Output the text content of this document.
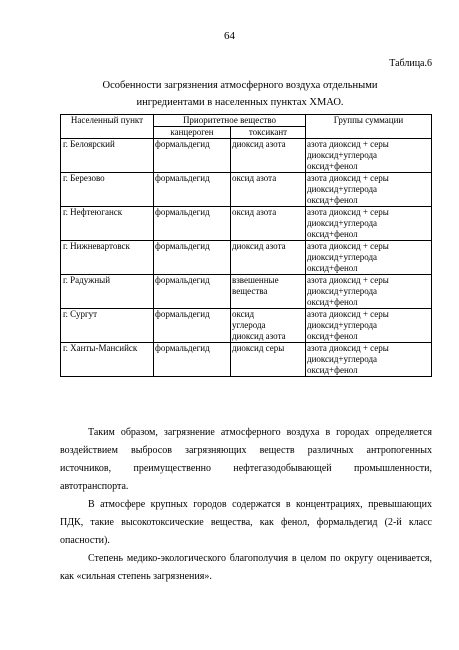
64
Таблица.6
Особенности загрязнения атмосферного воздуха отдельными ингредиентами в населенных пунктах ХМАО.
Населенный пункт	Приоритетное вещество		Группы суммации
	канцероген	токсикант	
г. Белоярский	формальдегид	диоксид азота	азота диоксид + серы
диоксид+углерода
оксид+фенол

г. Березово	формальдегид	оксид азота	азота диоксид + серы
диоксид+углерода
оксид+фенол

г. Нефтеюганск	формальдегид	оксид азота	азота диоксид + серы
диоксид+углерода
оксид+фенол

г. Нижневартовск	формальдегид	диоксид азота	азота диоксид + серы
диоксид+углерода
оксид+фенол

г. Радужный	формальдегид	взвешенные
вещества	азота диоксид + серы
диоксид+углерода
оксид+фенол

г. Сургут	формальдегид	оксид
углерода
диоксид азота	азота диоксид + серы
диоксид+углерода
оксид+фенол

г. Ханты-Мансийск	формальдегид	диоксид серы	азота диоксид + серы
диоксид+углерода
оксид+фенол

Таким образом, загрязнение атмосферного воздуха в городах определяется воздействием выбросов загрязняющих веществ различных антропогенных источников, преимущественно нефтегазодобывающей промышленности, автотранспорта.

В атмосфере крупных городов содержатся в концентрациях, превышающих ПДК, такие высокотоксические вещества, как фенол, формальдегид (2-й класс опасности).

Степень медико-экологического благополучия в целом по округу оценивается, как «сильная степень загрязнения».
